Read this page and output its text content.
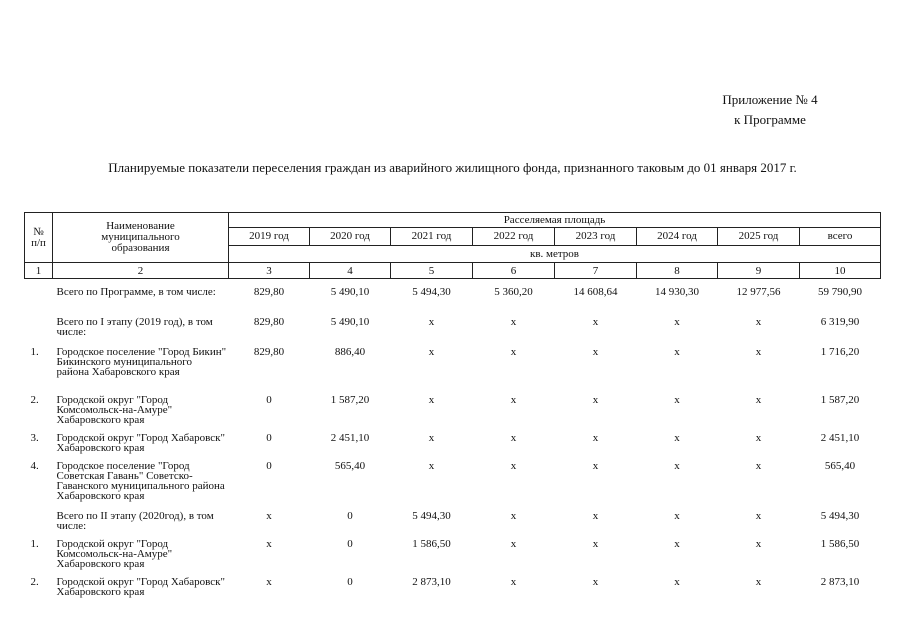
Приложение № 4
к Программе
Планируемые показатели переселения граждан из аварийного жилищного фонда, признанного таковым до 01 января 2017 г.
№ п/п	Наименование муниципального образования	Расселяемая площадь							
		2019 год	2020 год	2021 год	2022 год	2023 год	2024 год	2025 год	всего
		кв. метров							
1	2	3	4	5	6	7	8	9	10

	Всего по Программе, в том числе:	829,80	5 490,10	5 494,30	5 360,20	14 608,64	14 930,30	12 977,56	59 790,90
	Всего по I этапу (2019 год), в том числе:	829,80	5 490,10	х	х	х	х	х	6 319,90
1.	Городское поселение "Город Бикин" Бикинского муниципального района Хабаровского края	829,80	886,40	х	х	х	х	х	1 716,20
2.	Городской округ "Город Комсомольск-на-Амуре" Хабаровского края	0	1 587,20	х	х	х	х	х	1 587,20
3.	Городской округ "Город Хабаровск" Хабаровского края	0	2 451,10	х	х	х	х	х	2 451,10
4.	Городское поселение "Город Советская Гавань" Советско-Гаванского муниципального района Хабаровского края	0	565,40	х	х	х	х	х	565,40
	Всего по II этапу (2020год), в том числе:	х	0	5 494,30	х	х	х	х	5 494,30
1.	Городской округ "Город Комсомольск-на-Амуре" Хабаровского края	х	0	1 586,50	х	х	х	х	1 586,50
2.	Городской округ "Город Хабаровск" Хабаровского края	х	0	2 873,10	х	х	х	х	2 873,10
